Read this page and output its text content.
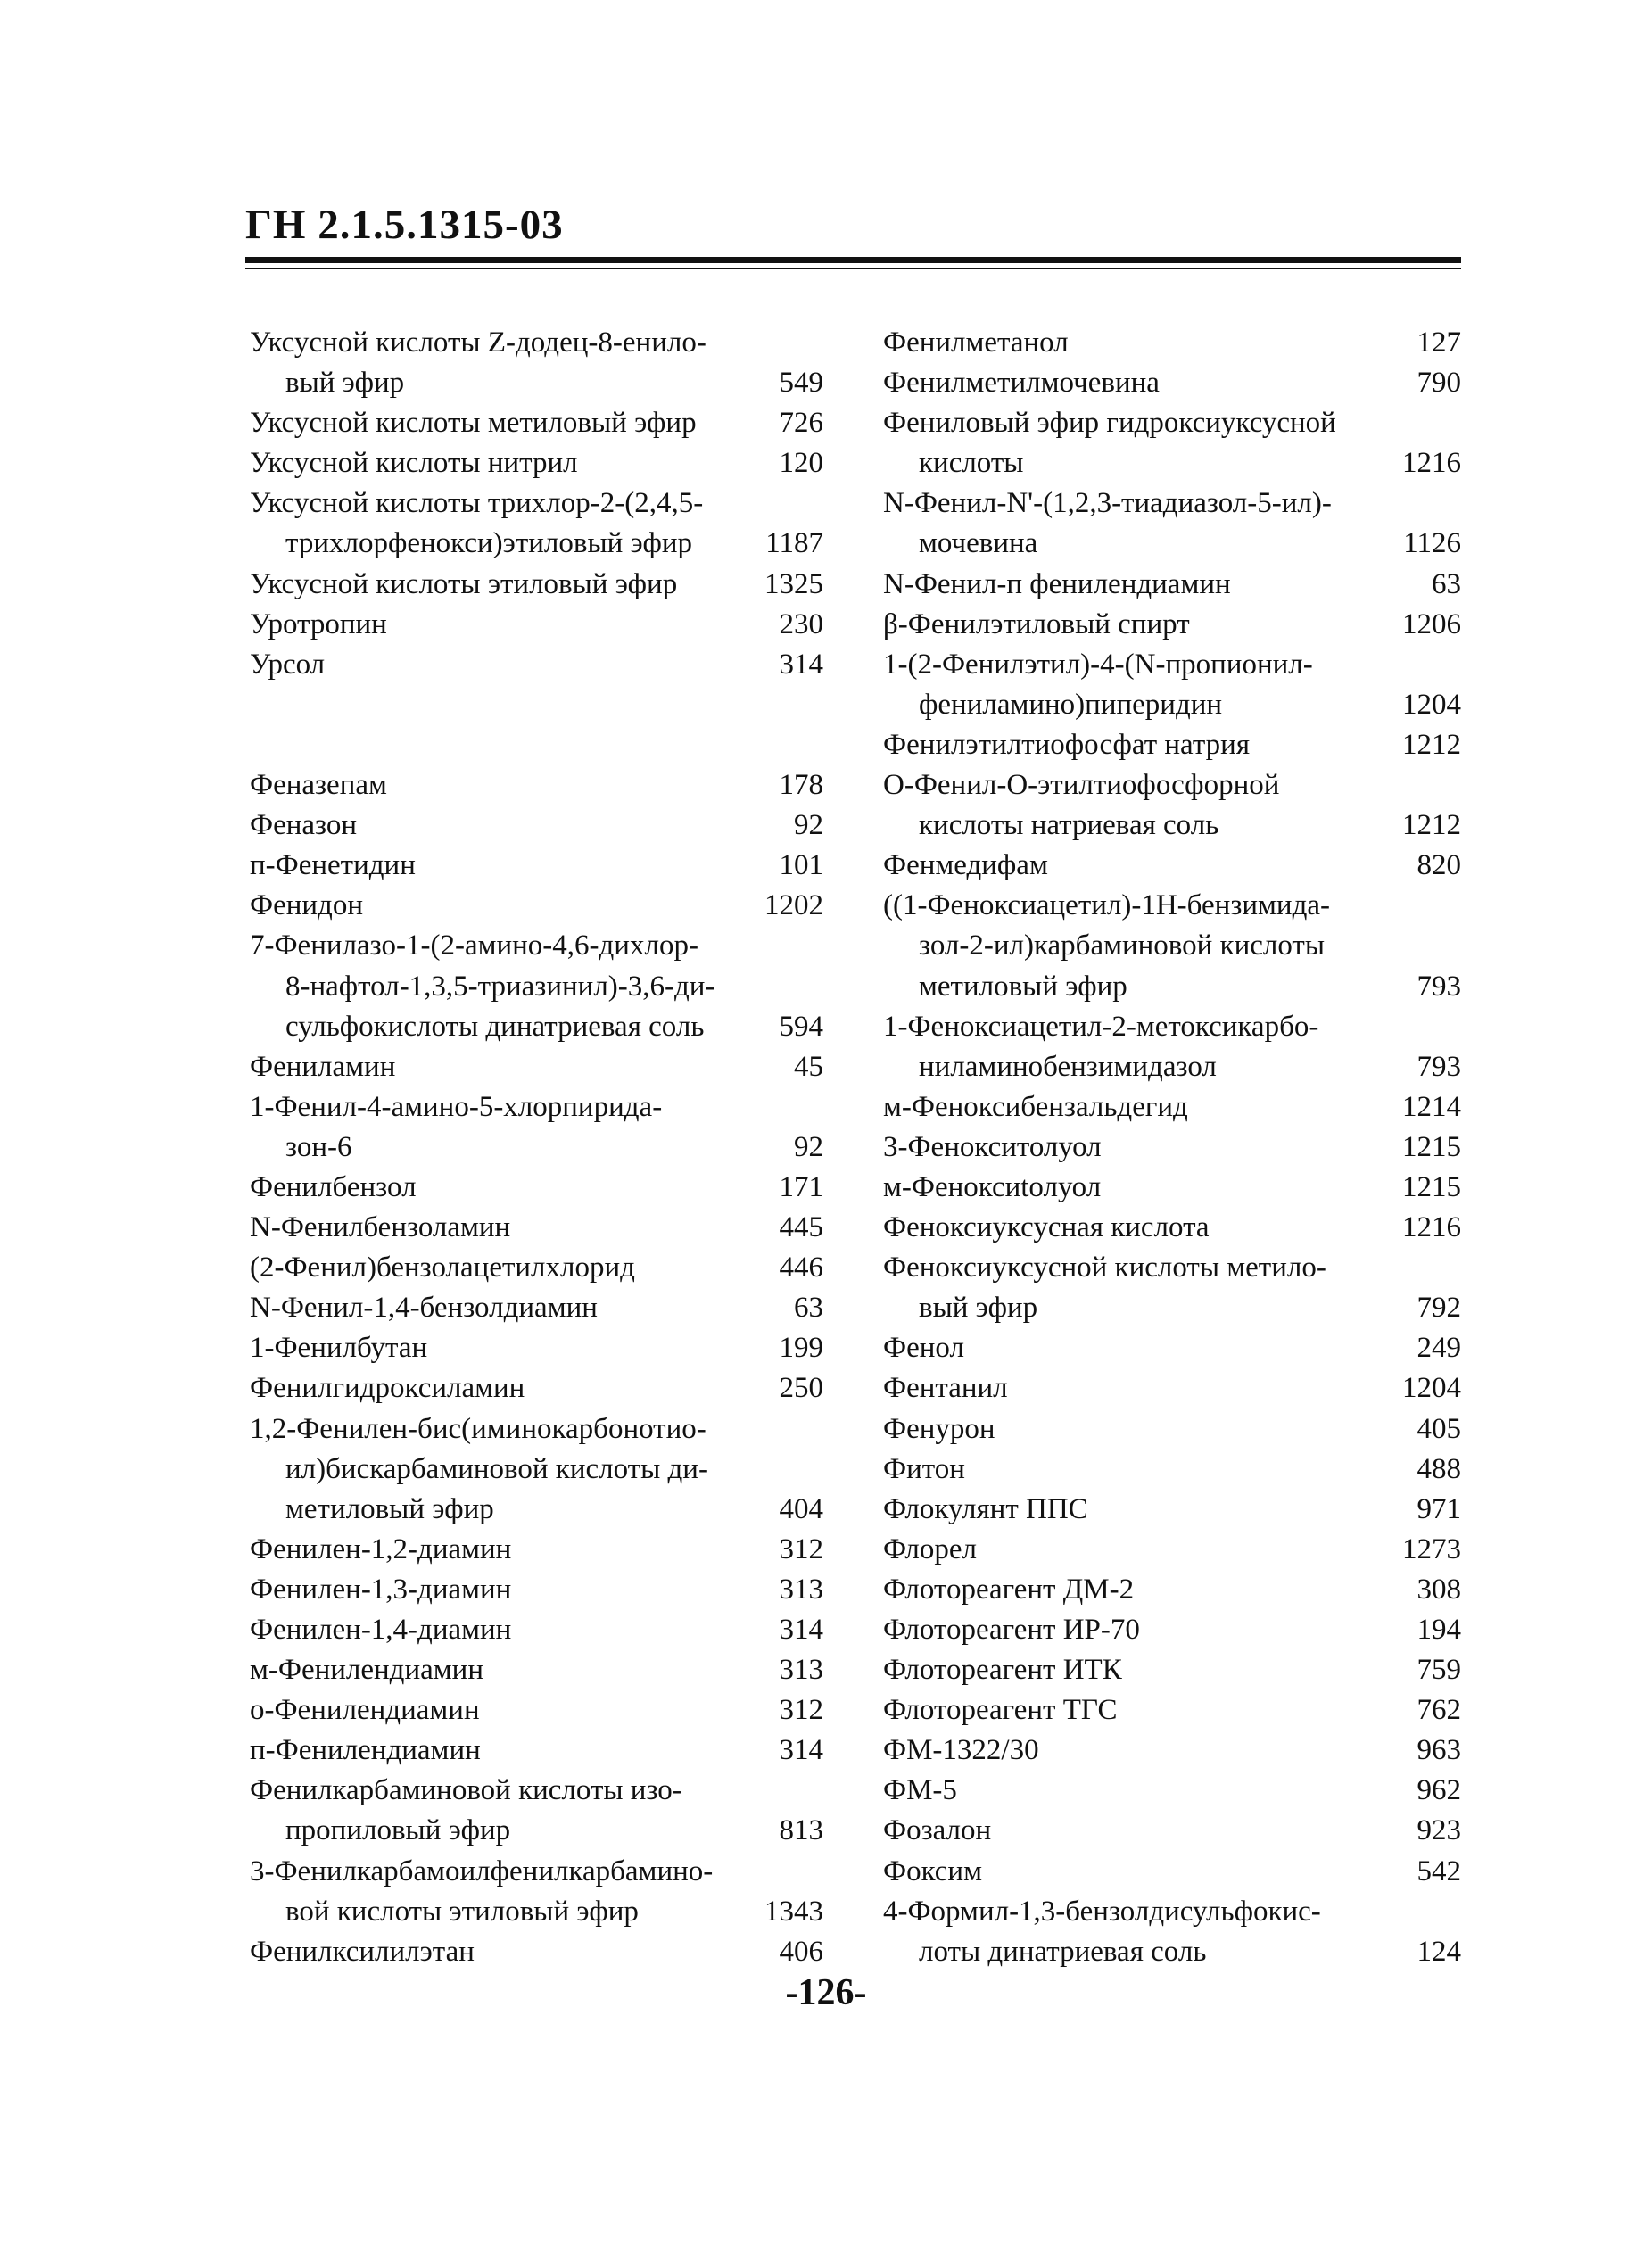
ГН 2.1.5.1315-03
Уксусной кислоты Z-додец-8-енило-
вый эфир	549
Уксусной кислоты метиловый эфир	726
Уксусной кислоты нитрил	120
Уксусной кислоты трихлор-2-(2,4,5-
трихлорфенокси)этиловый эфир 1187
Уксусной кислоты этиловый эфир	1325
Уротропин	230
Урсол	314
Феназепам	178
Феназон	92
п-Фенетидин	101
Фенидон	1202
7-Фенилазо-1-(2-амино-4,6-дихлор-
8-нафтол-1,3,5-триазинил)-3,6-ди-
сульфокислоты динатриевая соль	594
Фениламин	45
1-Фенил-4-амино-5-хлорпирида-
зон-6	92
Фенилбензол	171
N-Фенилбензоламин	445
(2-Фенил)бензолацетилхлорид	446
N-Фенил-1,4-бензолдиамин	63
1-Фенилбутан	199
Фенилгидроксиламин	250
1,2-Фенилен-бис(иминокарбонотио-
ил)бискарбаминовой кислоты ди-
метиловый эфир	404
Фенилен-1,2-диамин	312
Фенилен-1,3-диамин	313
Фенилен-1,4-диамин	314
м-Фенилендиамин	313
о-Фенилендиамин	312
п-Фенилендиамин	314
Фенилкарбаминовой кислоты изо-
пропиловый эфир	813
3-Фенилкарбамоилфенилкарбамино-
вой кислоты этиловый эфир	1343
Фенилксилилэтан	406
Фенилметанол	127
Фенилметилмочевина	790
Фениловый эфир гидроксиуксусной
кислоты	1216
N-Фенил-N'-(1,2,3-тиадиазол-5-ил)-
мочевина	1126
N-Фенил-п фенилендиамин	63
β-Фенилэтиловый спирт	1206
1-(2-Фенилэтил)-4-(N-пропионил-
фениламино)пиперидин	1204
Фенилэтилтиофосфат натрия	1212
О-Фенил-О-этилтиофосфорной
кислоты натриевая соль	1212
Фенмедифам	820
((1-Феноксиацетил)-1Н-бензимида-
зол-2-ил)карбаминовой кислоты
метиловый эфир	793
1-Феноксиацетил-2-метоксикарбо-
ниламинобензимидазол	793
м-Феноксибензальдегид	1214
3-Фенокситолуол	1215
м-Феноксиtолуол	1215
Феноксиуксусная кислота	1216
Феноксиуксусной кислоты метило-
вый эфир	792
Фенол	249
Фентанил	1204
Фенурон	405
Фитон	488
Флокулянт ППС	971
Флорел	1273
Флотореагент ДМ-2	308
Флотореагент ИР-70	194
Флотореагент ИТК	759
Флотореагент ТГС	762
ФМ-1322/30	963
ФМ-5	962
Фозалон	923
Фоксим	542
4-Формил-1,3-бензолдисульфокис-
лоты динатриевая соль	124
-126-
